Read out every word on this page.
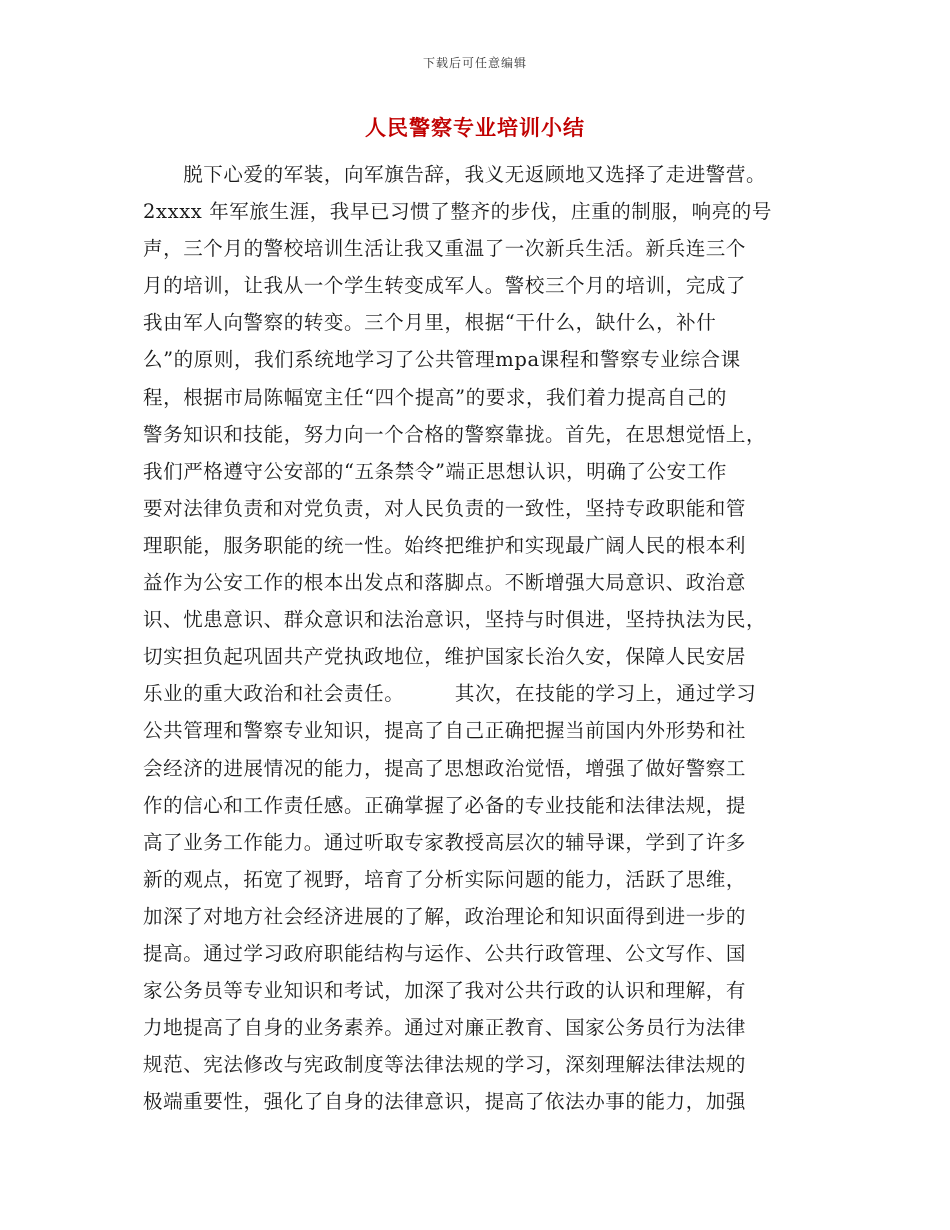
下载后可任意编辑
人民警察专业培训小结
　　脱下心爱的军装，向军旗告辞，我义无返顾地又选择了走进警营。
2xxxx 年军旅生涯，我早已习惯了整齐的步伐，庄重的制服，响亮的号
声，三个月的警校培训生活让我又重温了一次新兵生活。新兵连三个
月的培训，让我从一个学生转变成军人。警校三个月的培训，完成了
我由军人向警察的转变。三个月里，根据“干什么，缺什么，补什
么”的原则，我们系统地学习了公共管理mpa课程和警察专业综合课
程，根据市局陈幅宽主任“四个提高”的要求，我们着力提高自己的
警务知识和技能，努力向一个合格的警察靠拢。首先，在思想觉悟上，
我们严格遵守公安部的“五条禁令”端正思想认识，明确了公安工作
要对法律负责和对党负责，对人民负责的一致性，坚持专政职能和管
理职能，服务职能的统一性。始终把维护和实现最广阔人民的根本利
益作为公安工作的根本出发点和落脚点。不断增强大局意识、政治意
识、忧患意识、群众意识和法治意识，坚持与时俱进，坚持执法为民，
切实担负起巩固共产党执政地位，维护国家长治久安，保障人民安居
乐业的重大政治和社会责任。　　　其次，在技能的学习上，通过学习
公共管理和警察专业知识，提高了自己正确把握当前国内外形势和社
会经济的进展情况的能力，提高了思想政治觉悟，增强了做好警察工
作的信心和工作责任感。正确掌握了必备的专业技能和法律法规，提
高了业务工作能力。通过听取专家教授高层次的辅导课，学到了许多
新的观点，拓宽了视野，培育了分析实际问题的能力，活跃了思维，
加深了对地方社会经济进展的了解，政治理论和知识面得到进一步的
提高。通过学习政府职能结构与运作、公共行政管理、公文写作、国
家公务员等专业知识和考试，加深了我对公共行政的认识和理解，有
力地提高了自身的业务素养。通过对廉正教育、国家公务员行为法律
规范、宪法修改与宪政制度等法律法规的学习，深刻理解法律法规的
极端重要性，强化了自身的法律意识，提高了依法办事的能力，加强
